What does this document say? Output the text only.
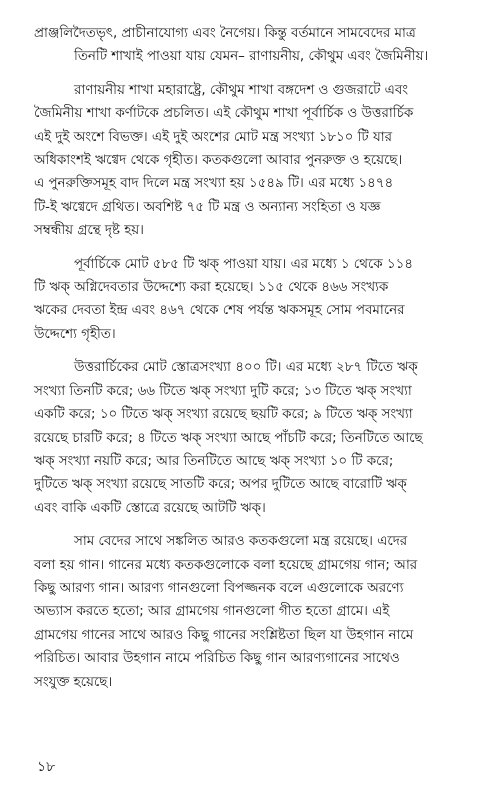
প্রাঞ্জলিদৈতভৃৎ, প্রাচীনাযোগ্য এবং নৈগেয়। কিন্তু বর্তমানে সামবেদের মাত্র
তিনটি শাখাই পাওয়া যায় যেমন– রাণায়নীয়, কৌথুম এবং জৈমিনীয়।
রাণায়নীয় শাখা মহারাষ্ট্রে, কৌথুম শাখা বঙ্গদেশ ও গুজরাটে এবং
জৈমিনীয় শাখা কর্ণাটকে প্রচলিত। এই কৌথুম শাখা পূর্বার্চিক ও উত্তরার্চিক
এই দুই অংশে বিভক্ত। এই দুই অংশের মোট মন্ত্র সংখ্যা ১৮১০ টি যার
অধিকাংশই ঋগ্বেদ থেকে গৃহীত। কতকগুলো আবার পুনরুক্ত ও হয়েছে।
এ পুনরুক্তিসমূহ বাদ দিলে মন্ত্র সংখ্যা হয় ১৫৪৯ টি। এর মধ্যে ১৪৭৪
টি-ই ঋগ্বেদে গ্রথিত। অবশিষ্ট ৭৫ টি মন্ত্র ও অন্যান্য সংহিতা ও যজ্ঞ
সম্বন্ধীয় গ্রন্থে দৃষ্ট হয়।
পূর্বার্চিকে মোট ৫৮৫ টি ঋক্ পাওয়া যায়। এর মধ্যে ১ থেকে ১১৪
টি ঋক্ অগ্নিদেবতার উদ্দেশ্যে করা হয়েছে। ১১৫ থেকে ৪৬৬ সংখ্যক
ঋকের দেবতা ইন্দ্র এবং ৪৬৭ থেকে শেষ পর্যন্ত ঋকসমূহ সোম পবমানের
উদ্দেশ্যে গৃহীত।
উত্তরার্চিকের মোট স্তোত্রসংখ্যা ৪০০ টি। এর মধ্যে ২৮৭ টিতে ঋক্
সংখ্যা তিনটি করে; ৬৬ টিতে ঋক্ সংখ্যা দুটি করে; ১৩ টিতে ঋক্ সংখ্যা
একটি করে; ১০ টিতে ঋক্ সংখ্যা রয়েছে ছয়টি করে; ৯ টিতে ঋক্ সংখ্যা
রয়েছে চারটি করে; ৪ টিতে ঋক্ সংখ্যা আছে পাঁচটি করে; তিনটিতে আছে
ঋক্ সংখ্যা নয়টি করে; আর তিনটিতে আছে ঋক্ সংখ্যা ১০ টি করে;
দুটিতে ঋক্ সংখ্যা রয়েছে সাতটি করে; অপর দুটিতে আছে বারোটি ঋক্
এবং বাকি একটি স্তোত্রে রয়েছে আটটি ঋক্।
সাম বেদের সাথে সঙ্কলিত আরও কতকগুলো মন্ত্র রয়েছে। এদের
বলা হয় গান। গানের মধ্যে কতকগুলোকে বলা হয়েছে গ্রামগেয় গান; আর
কিছু আরণ্য গান। আরণ্য গানগুলো বিপজ্জনক বলে এগুলোকে অরণ্যে
অভ্যাস করতে হতো; আর গ্রামগেয় গানগুলো গীত হতো গ্রামে। এই
গ্রামগেয় গানের সাথে আরও কিছু গানের সংশ্লিষ্টতা ছিল যা উহগান নামে
পরিচিত। আবার উহগান নামে পরিচিত কিছু গান আরণ্যগানের সাথেও
সংযুক্ত হয়েছে।
১৮
